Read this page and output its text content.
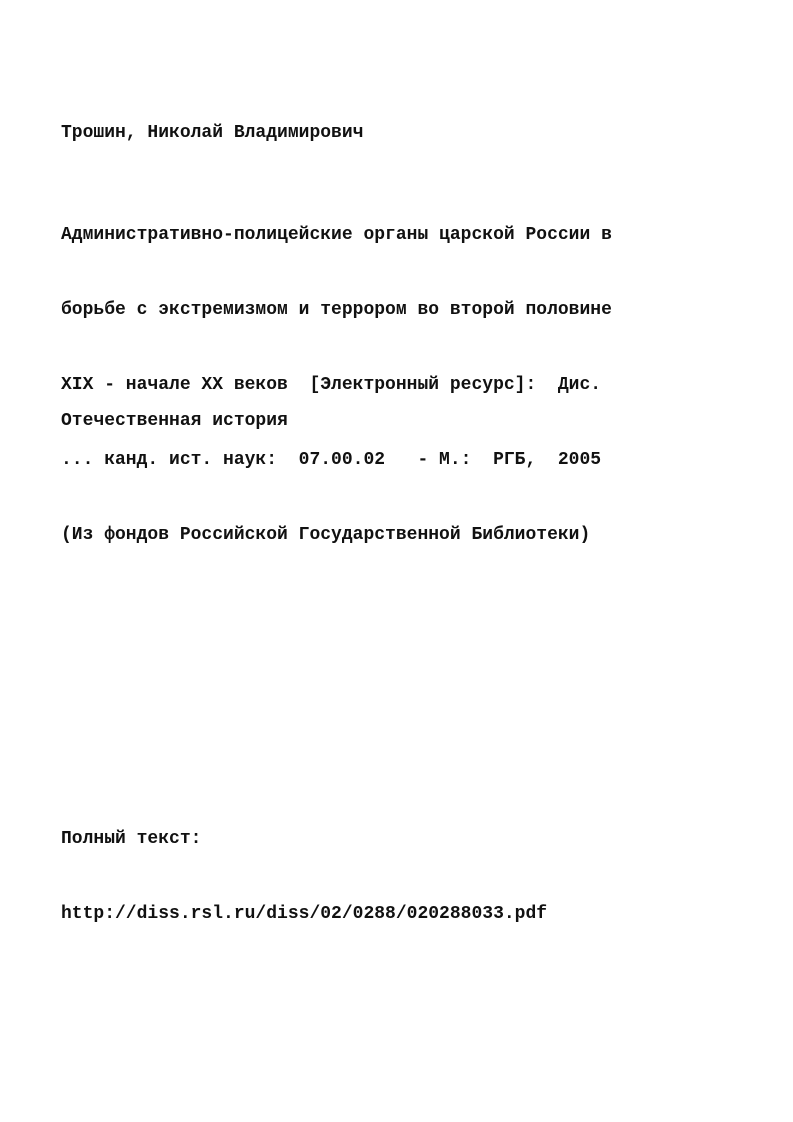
Трошин, Николай Владимирович

Административно-полицейские органы царской России в

борьбе с экстремизмом и террором во второй половине

XIX - начале XX веков  [Электронный ресурс]:  Дис.

... канд. ист. наук:  07.00.02   - М.:  РГБ,  2005

(Из фондов Российской Государственной Библиотеки)

Отечественная история

Полный текст:

http://diss.rsl.ru/diss/02/0288/020288033.pdf
